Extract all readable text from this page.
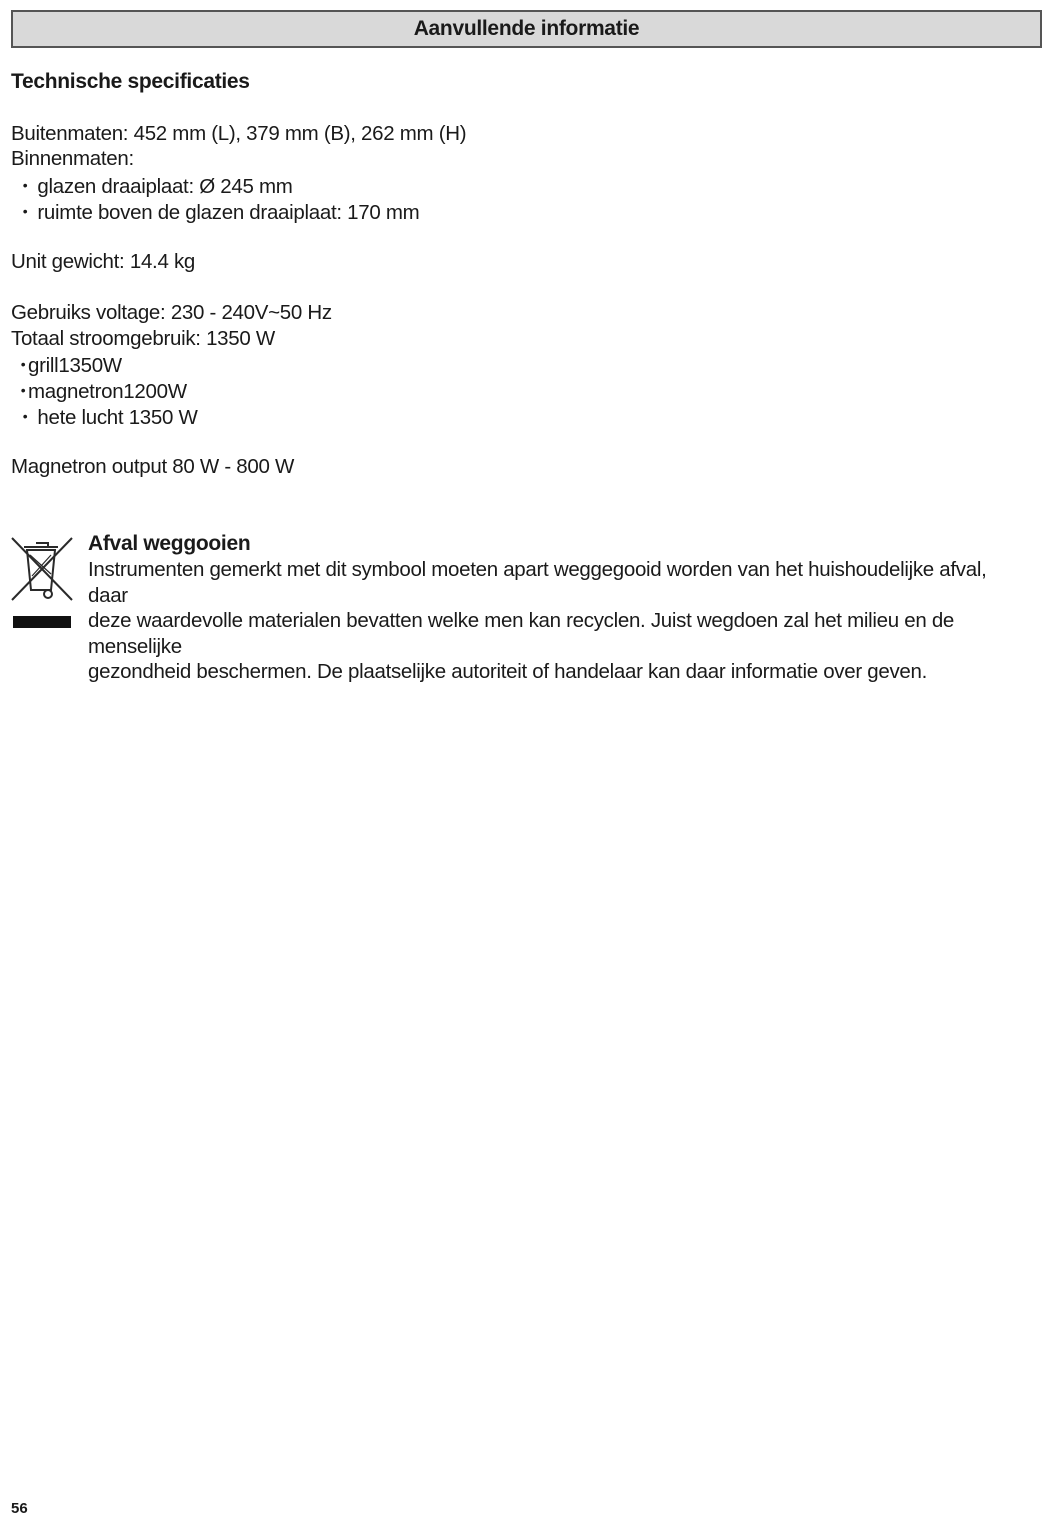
Aanvullende informatie
Technische specificaties
Buitenmaten: 452 mm (L), 379 mm (B), 262 mm (H)
Binnenmaten:
• glazen draaiplaat: Ø 245 mm
• ruimte boven de glazen draaiplaat: 170 mm
Unit gewicht: 14.4 kg
Gebruiks voltage: 230 - 240V~50 Hz
Totaal stroomgebruik: 1350 W
• grill1350W
• magnetron1200W
• hete lucht 1350 W
Magnetron output 80 W - 800 W
Afval weggooien

Instrumenten gemerkt met dit symbool moeten apart weggegooid worden van het huishoudelijke afval, daar
deze waardevolle materialen bevatten welke men kan recyclen. Juist wegdoen zal het milieu en de menselijke
gezondheid beschermen. De plaatselijke autoriteit of handelaar kan daar informatie over geven.

56
